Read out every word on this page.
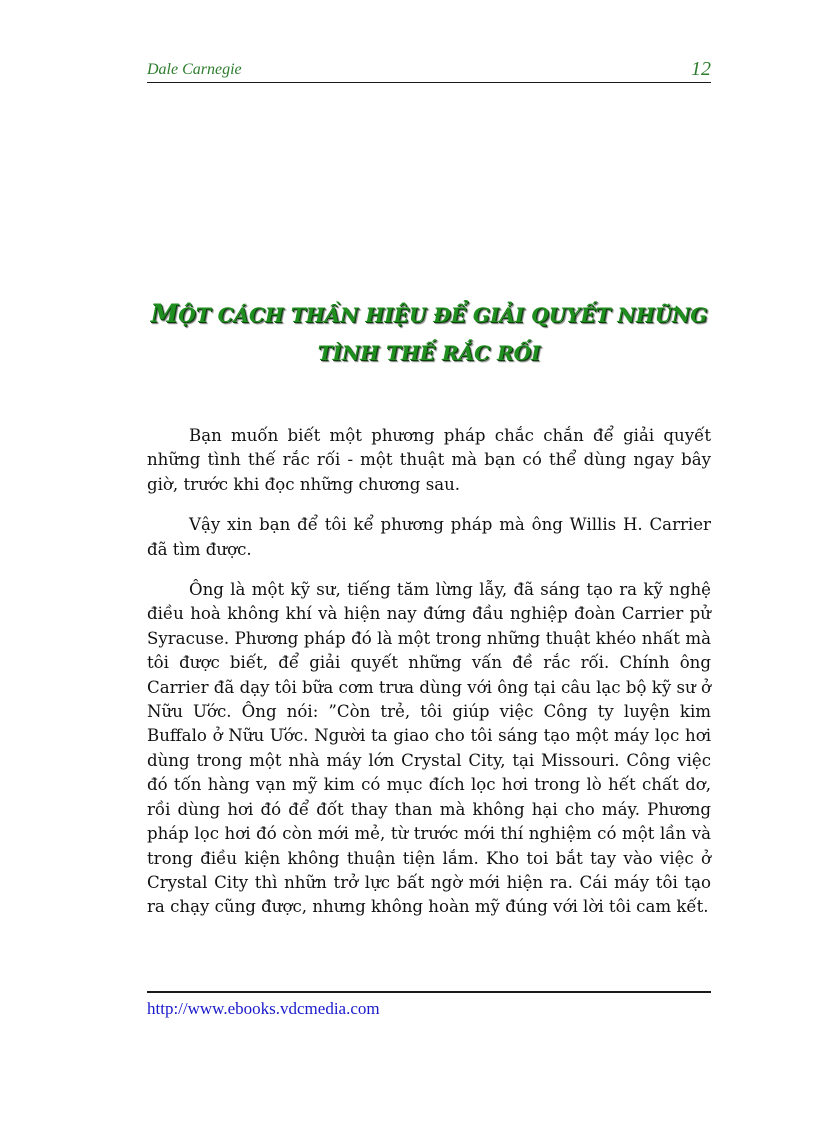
Dale Carnegie	12
MỘT CÁCH THẦN HIỆU ĐỂ GIẢI QUYẾT NHỮNG
TÌNH THẾ RẮC RỐI

Bạn muốn biết một phương pháp chắc chắn để giải quyết những tình thế rắc rối - một thuật mà bạn có thể dùng ngay bây giờ, trước khi đọc những chương sau.

Vậy xin bạn để tôi kể phương pháp mà ông Willis H. Carrier đã tìm được.

Ông là một kỹ sư, tiếng tăm lừng lẫy, đã sáng tạo ra kỹ nghệ điều hoà không khí và hiện nay đứng đầu nghiệp đoàn Carrier pử Syracuse. Phương pháp đó là một trong những thuật khéo nhất mà tôi được biết, để giải quyết những vấn đề rắc rối. Chính ông Carrier đã dạy tôi bữa cơm trưa dùng với ông tại câu lạc bộ kỹ sư ở Nữu Ước. Ông nói: ”Còn trẻ, tôi giúp việc Công ty luyện kim Buffalo ở Nữu Ước. Người ta giao cho tôi sáng tạo một máy lọc hơi dùng trong một nhà máy lớn Crystal City, tại Missouri. Công việc đó tốn hàng vạn mỹ kim có mục đích lọc hơi trong lò hết chất dơ, rồi dùng hơi đó để đốt thay than mà không hại cho máy. Phương pháp lọc hơi đó còn mới mẻ, từ trước mới thí nghiệm có một lần và trong điều kiện không thuận tiện lắm. Kho toi bắt tay vào việc ở Crystal City thì nhữn trở lực bất ngờ mới hiện ra. Cái máy tôi tạo ra chạy cũng được, nhưng không hoàn mỹ đúng với lời tôi cam kết.

http://www.ebooks.vdcmedia.com
